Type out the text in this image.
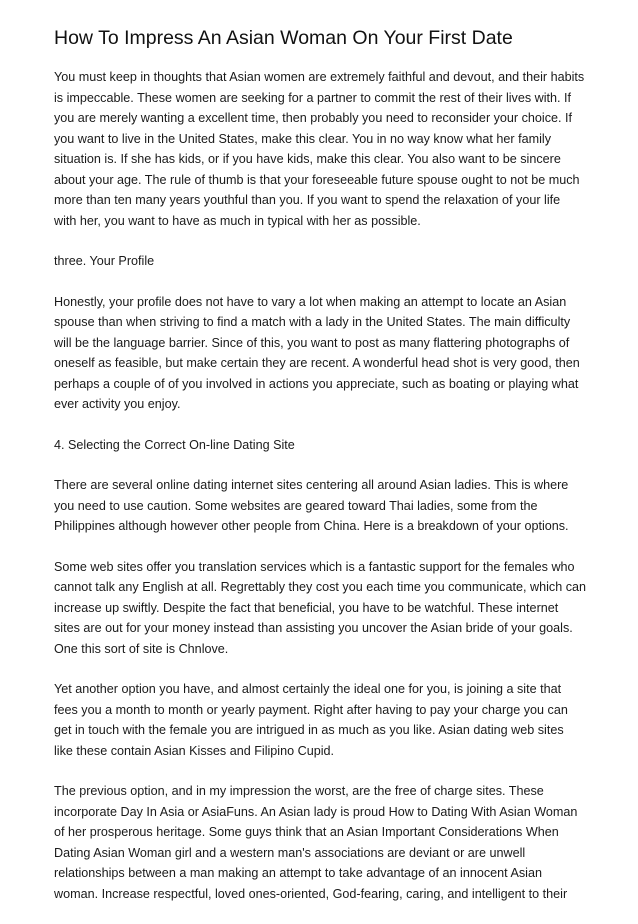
How To Impress An Asian Woman On Your First Date

You must keep in thoughts that Asian women are extremely faithful and devout, and their habits is impeccable. These women are seeking for a partner to commit the rest of their lives with. If you are merely wanting a excellent time, then probably you need to reconsider your choice. If you want to live in the United States, make this clear. You in no way know what her family situation is. If she has kids, or if you have kids, make this clear. You also want to be sincere about your age. The rule of thumb is that your foreseeable future spouse ought to not be much more than ten many years youthful than you. If you want to spend the relaxation of your life with her, you want to have as much in typical with her as possible.

three. Your Profile

Honestly, your profile does not have to vary a lot when making an attempt to locate an Asian spouse than when striving to find a match with a lady in the United States. The main difficulty will be the language barrier. Since of this, you want to post as many flattering photographs of oneself as feasible, but make certain they are recent. A wonderful head shot is very good, then perhaps a couple of of you involved in actions you appreciate, such as boating or playing what ever activity you enjoy.

4. Selecting the Correct On-line Dating Site

There are several online dating internet sites centering all around Asian ladies. This is where you need to use caution. Some websites are geared toward Thai ladies, some from the Philippines although however other people from China. Here is a breakdown of your options.

Some web sites offer you translation services which is a fantastic support for the females who cannot talk any English at all. Regrettably they cost you each time you communicate, which can increase up swiftly. Despite the fact that beneficial, you have to be watchful. These internet sites are out for your money instead than assisting you uncover the Asian bride of your goals. One this sort of site is Chnlove.

Yet another option you have, and almost certainly the ideal one for you, is joining a site that fees you a month to month or yearly payment. Right after having to pay your charge you can get in touch with the female you are intrigued in as much as you like. Asian dating web sites like these contain Asian Kisses and Filipino Cupid.

The previous option, and in my impression the worst, are the free of charge sites. These incorporate Day In Asia or AsiaFuns. An Asian lady is proud How to Dating With Asian Woman of her prosperous heritage. Some guys think that an Asian Important Considerations When Dating Asian Woman girl and a western man's associations are deviant or are unwell relationships between a man making an attempt to take advantage of an innocent Asian woman. Increase respectful, loved ones-oriented, God-fearing, caring, and intelligent to their
